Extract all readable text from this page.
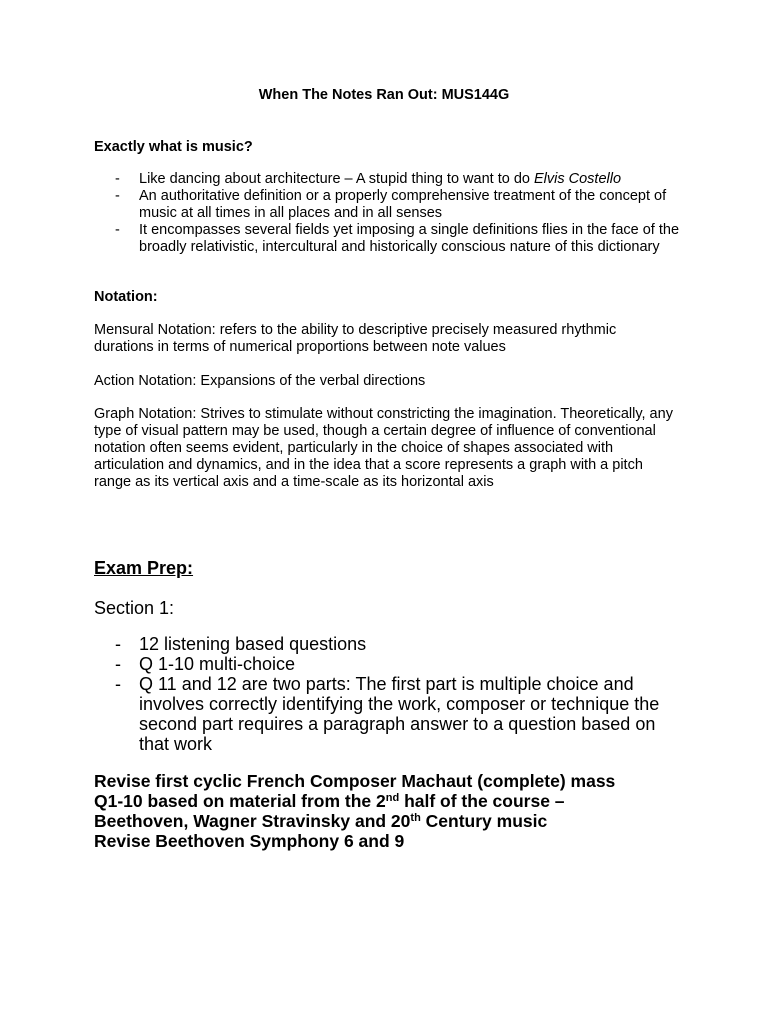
When The Notes Ran Out: MUS144G
Exactly what is music?
- Like dancing about architecture – A stupid thing to want to do Elvis Costello
- An authoritative definition or a properly comprehensive treatment of the concept of music at all times in all places and in all senses
- It encompasses several fields yet imposing a single definitions flies in the face of the broadly relativistic, intercultural and historically conscious nature of this dictionary
Notation:

Mensural Notation: refers to the ability to descriptive precisely measured rhythmic durations in terms of numerical proportions between note values

Action Notation: Expansions of the verbal directions

Graph Notation: Strives to stimulate without constricting the imagination. Theoretically, any type of visual pattern may be used, though a certain degree of influence of conventional notation often seems evident, particularly in the choice of shapes associated with articulation and dynamics, and in the idea that a score represents a graph with a pitch range as its vertical axis and a time-scale as its horizontal axis

Exam Prep:
Section 1:
- 12 listening based questions
- Q 1-10 multi-choice
- Q 11 and 12 are two parts: The first part is multiple choice and involves correctly identifying the work, composer or technique the second part requires a paragraph answer to a question based on that work
Revise first cyclic French Composer Machaut (complete) mass
Q1-10 based on material from the 2nd half of the course –
Beethoven, Wagner Stravinsky and 20th Century music
Revise Beethoven Symphony 6 and 9
